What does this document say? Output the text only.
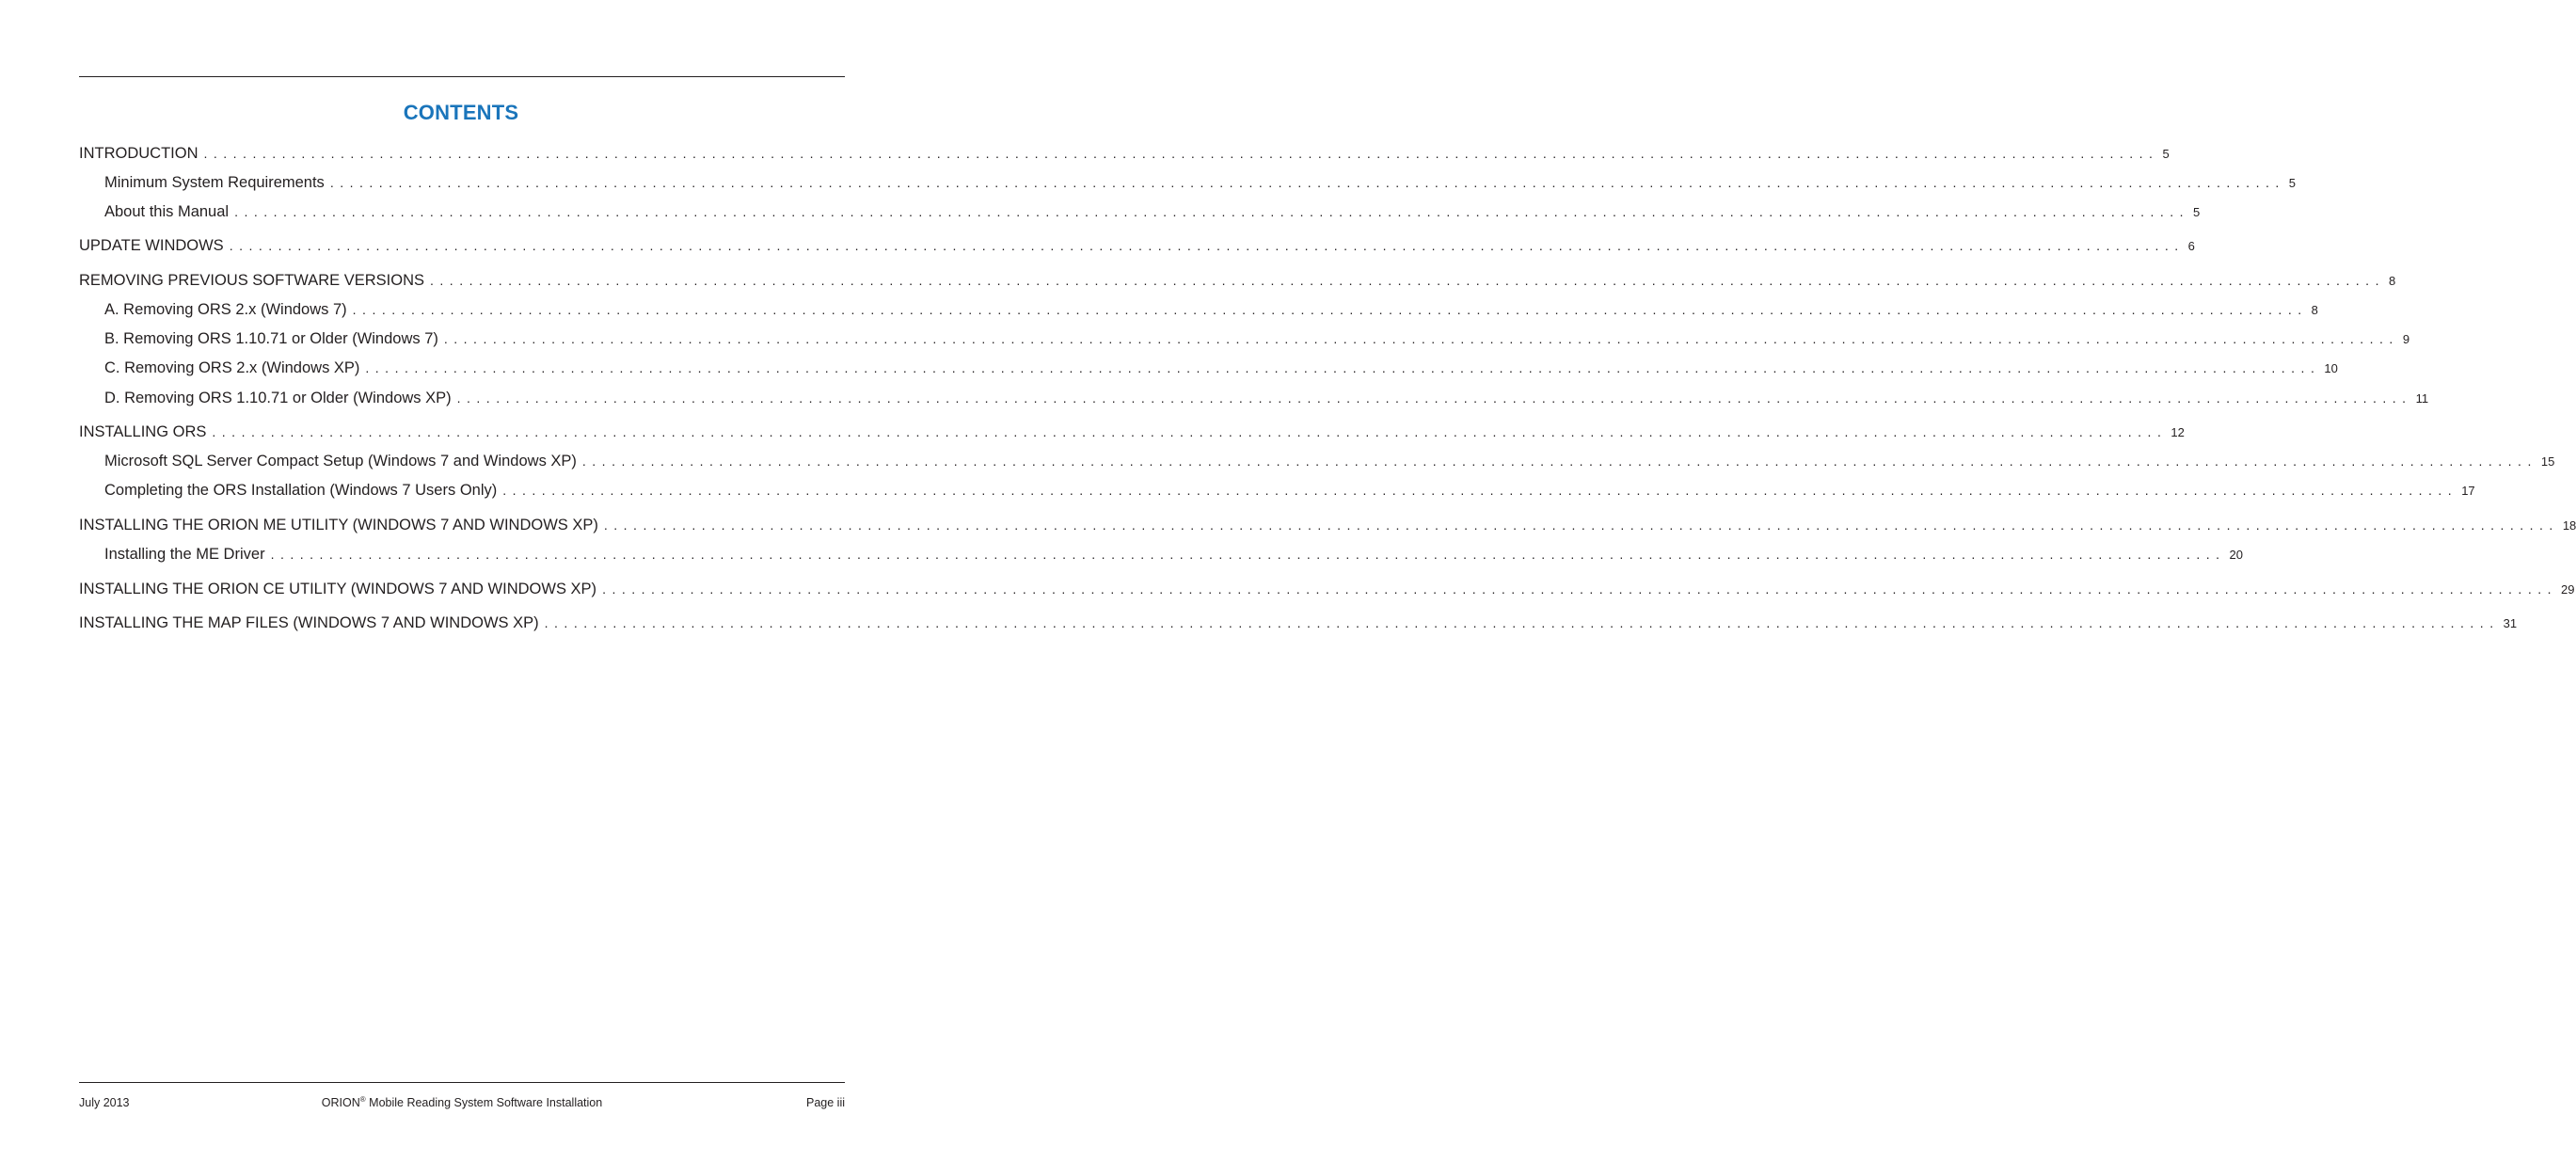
CONTENTS
INTRODUCTION ........................................................................................................................................................................................................ 5
Minimum System Requirements ........................................................................................................................................................................................................ 5
About this Manual ........................................................................................................................................................................................................ 5
UPDATE WINDOWS ........................................................................................................................................................................................................ 6
REMOVING PREVIOUS SOFTWARE VERSIONS ........................................................................................................................................................................................................ 8
A. Removing ORS 2.x (Windows 7) ........................................................................................................................................................................................................ 8
B. Removing ORS 1.10.71 or Older (Windows 7) ........................................................................................................................................................................................................ 9
C. Removing ORS 2.x (Windows XP) ........................................................................................................................................................................................................ 10
D. Removing ORS 1.10.71 or Older (Windows XP) ........................................................................................................................................................................................................ 11
INSTALLING ORS ........................................................................................................................................................................................................ 12
Microsoft SQL Server Compact Setup (Windows 7 and Windows XP) ........................................................................................................................................................................................................ 15
Completing the ORS Installation (Windows 7 Users Only) ........................................................................................................................................................................................................ 17
INSTALLING THE ORION ME UTILITY (WINDOWS 7 AND WINDOWS XP) ........................................................................................................................................................................................................ 18
Installing the ME Driver ........................................................................................................................................................................................................ 20
INSTALLING THE ORION CE UTILITY (WINDOWS 7 AND WINDOWS XP) ........................................................................................................................................................................................................ 29
INSTALLING THE MAP FILES (WINDOWS 7 AND WINDOWS XP) ........................................................................................................................................................................................................ 31
July 2013	ORION® Mobile Reading System Software Installation	Page iii
